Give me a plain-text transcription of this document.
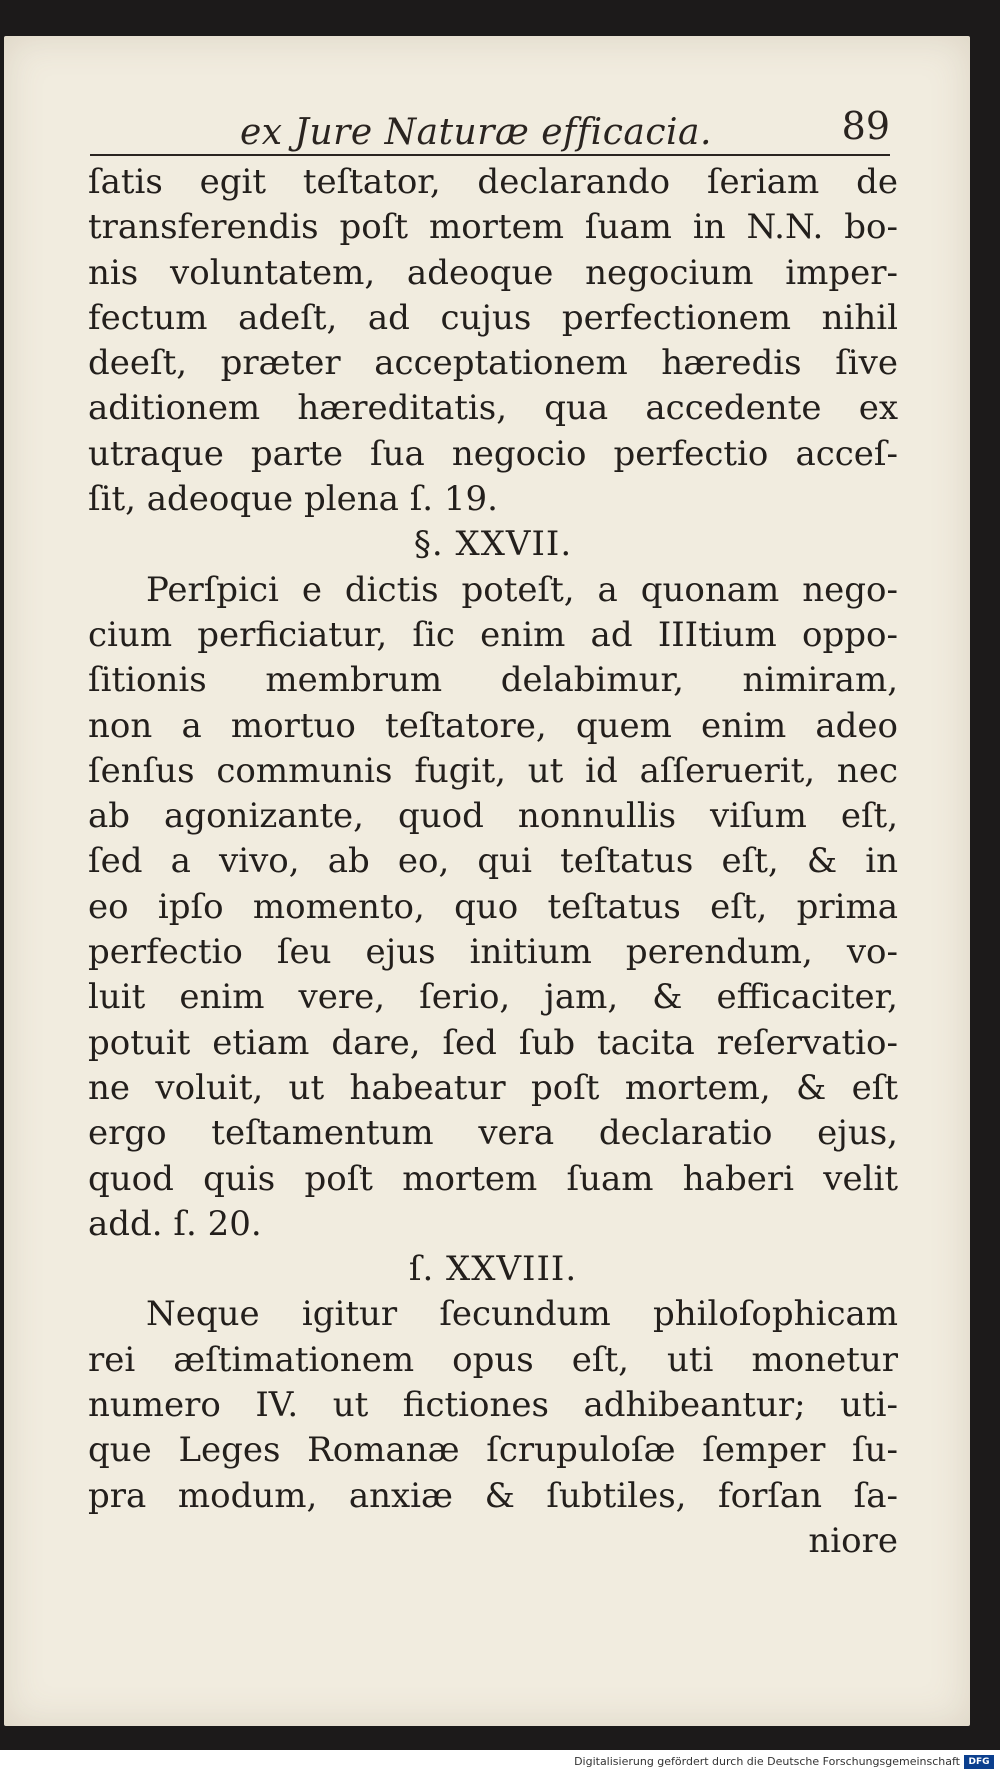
ex Jure Naturæ efficacia.	89
ſatis egit teſtator, declarando ſeriam de
transferendis poſt mortem ſuam in N.N. bo-
nis voluntatem, adeoque negocium imper-
fectum adeſt, ad cujus perfectionem nihil
deeſt, præter acceptationem hæredis ſive
aditionem hæreditatis, qua accedente ex
utraque parte ſua negocio perfectio acceſ-
ſit, adeoque plena ſ. 19.
§. XXVII.
Perſpici e dictis poteſt, a quonam nego-
cium perficiatur, ſic enim ad IIItium oppo-
ſitionis membrum delabimur, nimiram,
non a mortuo teſtatore, quem enim adeo
ſenſus communis fugit, ut id aſſeruerit, nec
ab agonizante, quod nonnullis viſum eſt,
ſed a vivo, ab eo, qui teſtatus eſt, & in
eo ipſo momento, quo teſtatus eſt, prima
perfectio ſeu ejus initium perendum, vo-
luit enim vere, ſerio, jam, & efficaciter,
potuit etiam dare, ſed ſub tacita reſervatio-
ne voluit, ut habeatur poſt mortem, & eſt
ergo teſtamentum vera declaratio ejus,
quod quis poſt mortem ſuam haberi velit
add. ſ. 20.
ſ. XXVIII.
Neque igitur ſecundum philoſophicam
rei æſtimationem opus eſt, uti monetur
numero IV. ut fictiones adhibeantur; uti-
que Leges Romanæ ſcrupuloſæ ſemper ſu-
pra modum, anxiæ & ſubtiles, forſan ſa-
niore
Digitalisierung gefördert durch die Deutsche Forschungsgemeinschaft DFG
